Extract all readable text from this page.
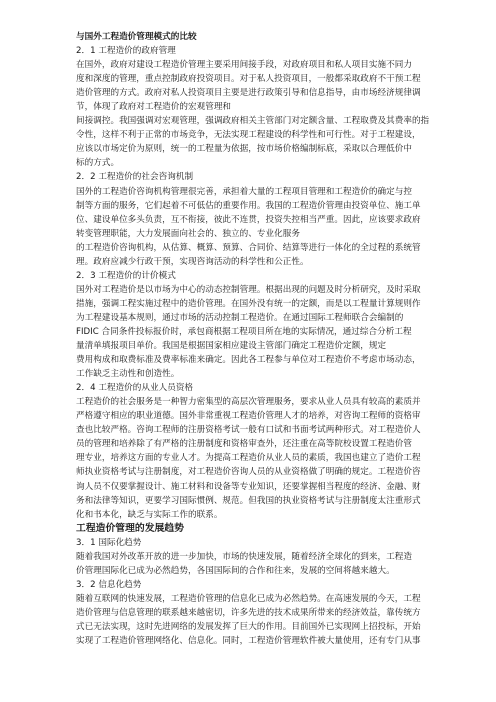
与国外工程造价管理模式的比较
2．1 工程造价的政府管理
在国外，政府对建设工程造价管理主要采用间接手段，对政府项目和私人项目实施不同力
度和深度的管理，重点控制政府投资项目。对于私人投资项目，一般都采取政府不干预工程
造价管理的方式。政府对私人投资项目主要是进行政策引导和信息指导，由市场经济规律调
节，体现了政府对工程造价的宏观管理和
间接调控。我国强调对宏观管理，强调政府相关主管部门对定额含量、工程取费及其费率的指
令性，这样不利于正常的市场竞争，无法实现工程建设的科学性和可行性。对于工程建设，
应该以市场定价为原则，统一的工程量为依据，按市场价格编制标底，采取以合理低价中
标的方式。
2．2 工程造价的社会咨询机制
国外的工程造价咨询机构管理很完善，承担着大量的工程项目管理和工程造价的确定与控
制等方面的服务，它们起着不可低估的重要作用。我国的工程造价管理由投资单位、施工单
位、建设单位多头负责，互不衔接，彼此不连贯，投资失控相当严重。因此，应该要求政府
转变管理职能，大力发展面向社会的、独立的、专业化服务
的工程造价咨询机构，从估算、概算、预算、合同价、结算等进行一体化的全过程的系统管
理。政府应减少行政干预，实现咨询活动的科学性和公正性。
2．3 工程造价的计价模式
国外对工程造价是以市场为中心的动态控制管理。根据出现的问题及时分析研究，及时采取
措施，强调工程实施过程中的造价管理。在国外没有统一的定额，而是以工程量计算规则作
为工程建设基本规则，通过市场的活动控制工程造价。在通过国际工程师联合会编制的
FIDIC 合同条件投标报价时，承包商根据工程项目所在地的实际情况，通过综合分析工程
量清单填报项目单价。我国是根据国家相应建设主管部门确定工程造价定额，规定
费用构成和取费标准及费率标准来确定。因此各工程参与单位对工程造价不考虑市场动态，
工作缺乏主动性和创造性。
2．4 工程造价的从业人员资格
工程造价的社会服务是一种智力密集型的高层次管理服务，要求从业人员具有较高的素质并
严格遵守相应的职业道德。国外非常重视工程造价管理人才的培养，对咨询工程师的资格审
查也比较严格。咨询工程师的注册资格考试一般有口试和书面考试两种形式。对工程造价人
员的管理和培养除了有严格的注册制度和资格审查外，还注重在高等院校设置工程造价管
理专业，培养这方面的专业人才。为提高工程造价从业人员的素质，我国也建立了造价工程
师执业资格考试与注册制度，对工程造价咨询人员的从业资格做了明确的规定。工程造价咨
询人员不仅要掌握设计、施工材料和设备等专业知识，还要掌握相当程度的经济、金融、财
务和法律等知识，更要学习国际惯例、规范。但我国的执业资格考试与注册制度太注重形式
化和书本化，缺乏与实际工作的联系。
工程造价管理的发展趋势
3．1 国际化趋势
随着我国对外改革开放的进一步加快，市场的快速发展，随着经济全球化的到来，工程造
价管理国际化已成为必然趋势，各国国际间的合作和往来，发展的空间将越来越大。
3．2 信息化趋势
随着互联网的快速发展，工程造价管理的信息化已成为必然趋势。在高速发展的今天，工程
造价管理与信息管理的联系越来越密切，许多先进的技术成果所带来的经济效益，靠传统方
式已无法实现，这时先进网络的发展发挥了巨大的作用。目前国外已实现网上招投标，开始
实现了工程造价管理网络化、信息化。同时，工程造价管理软件被大量使用，还有专门从事
